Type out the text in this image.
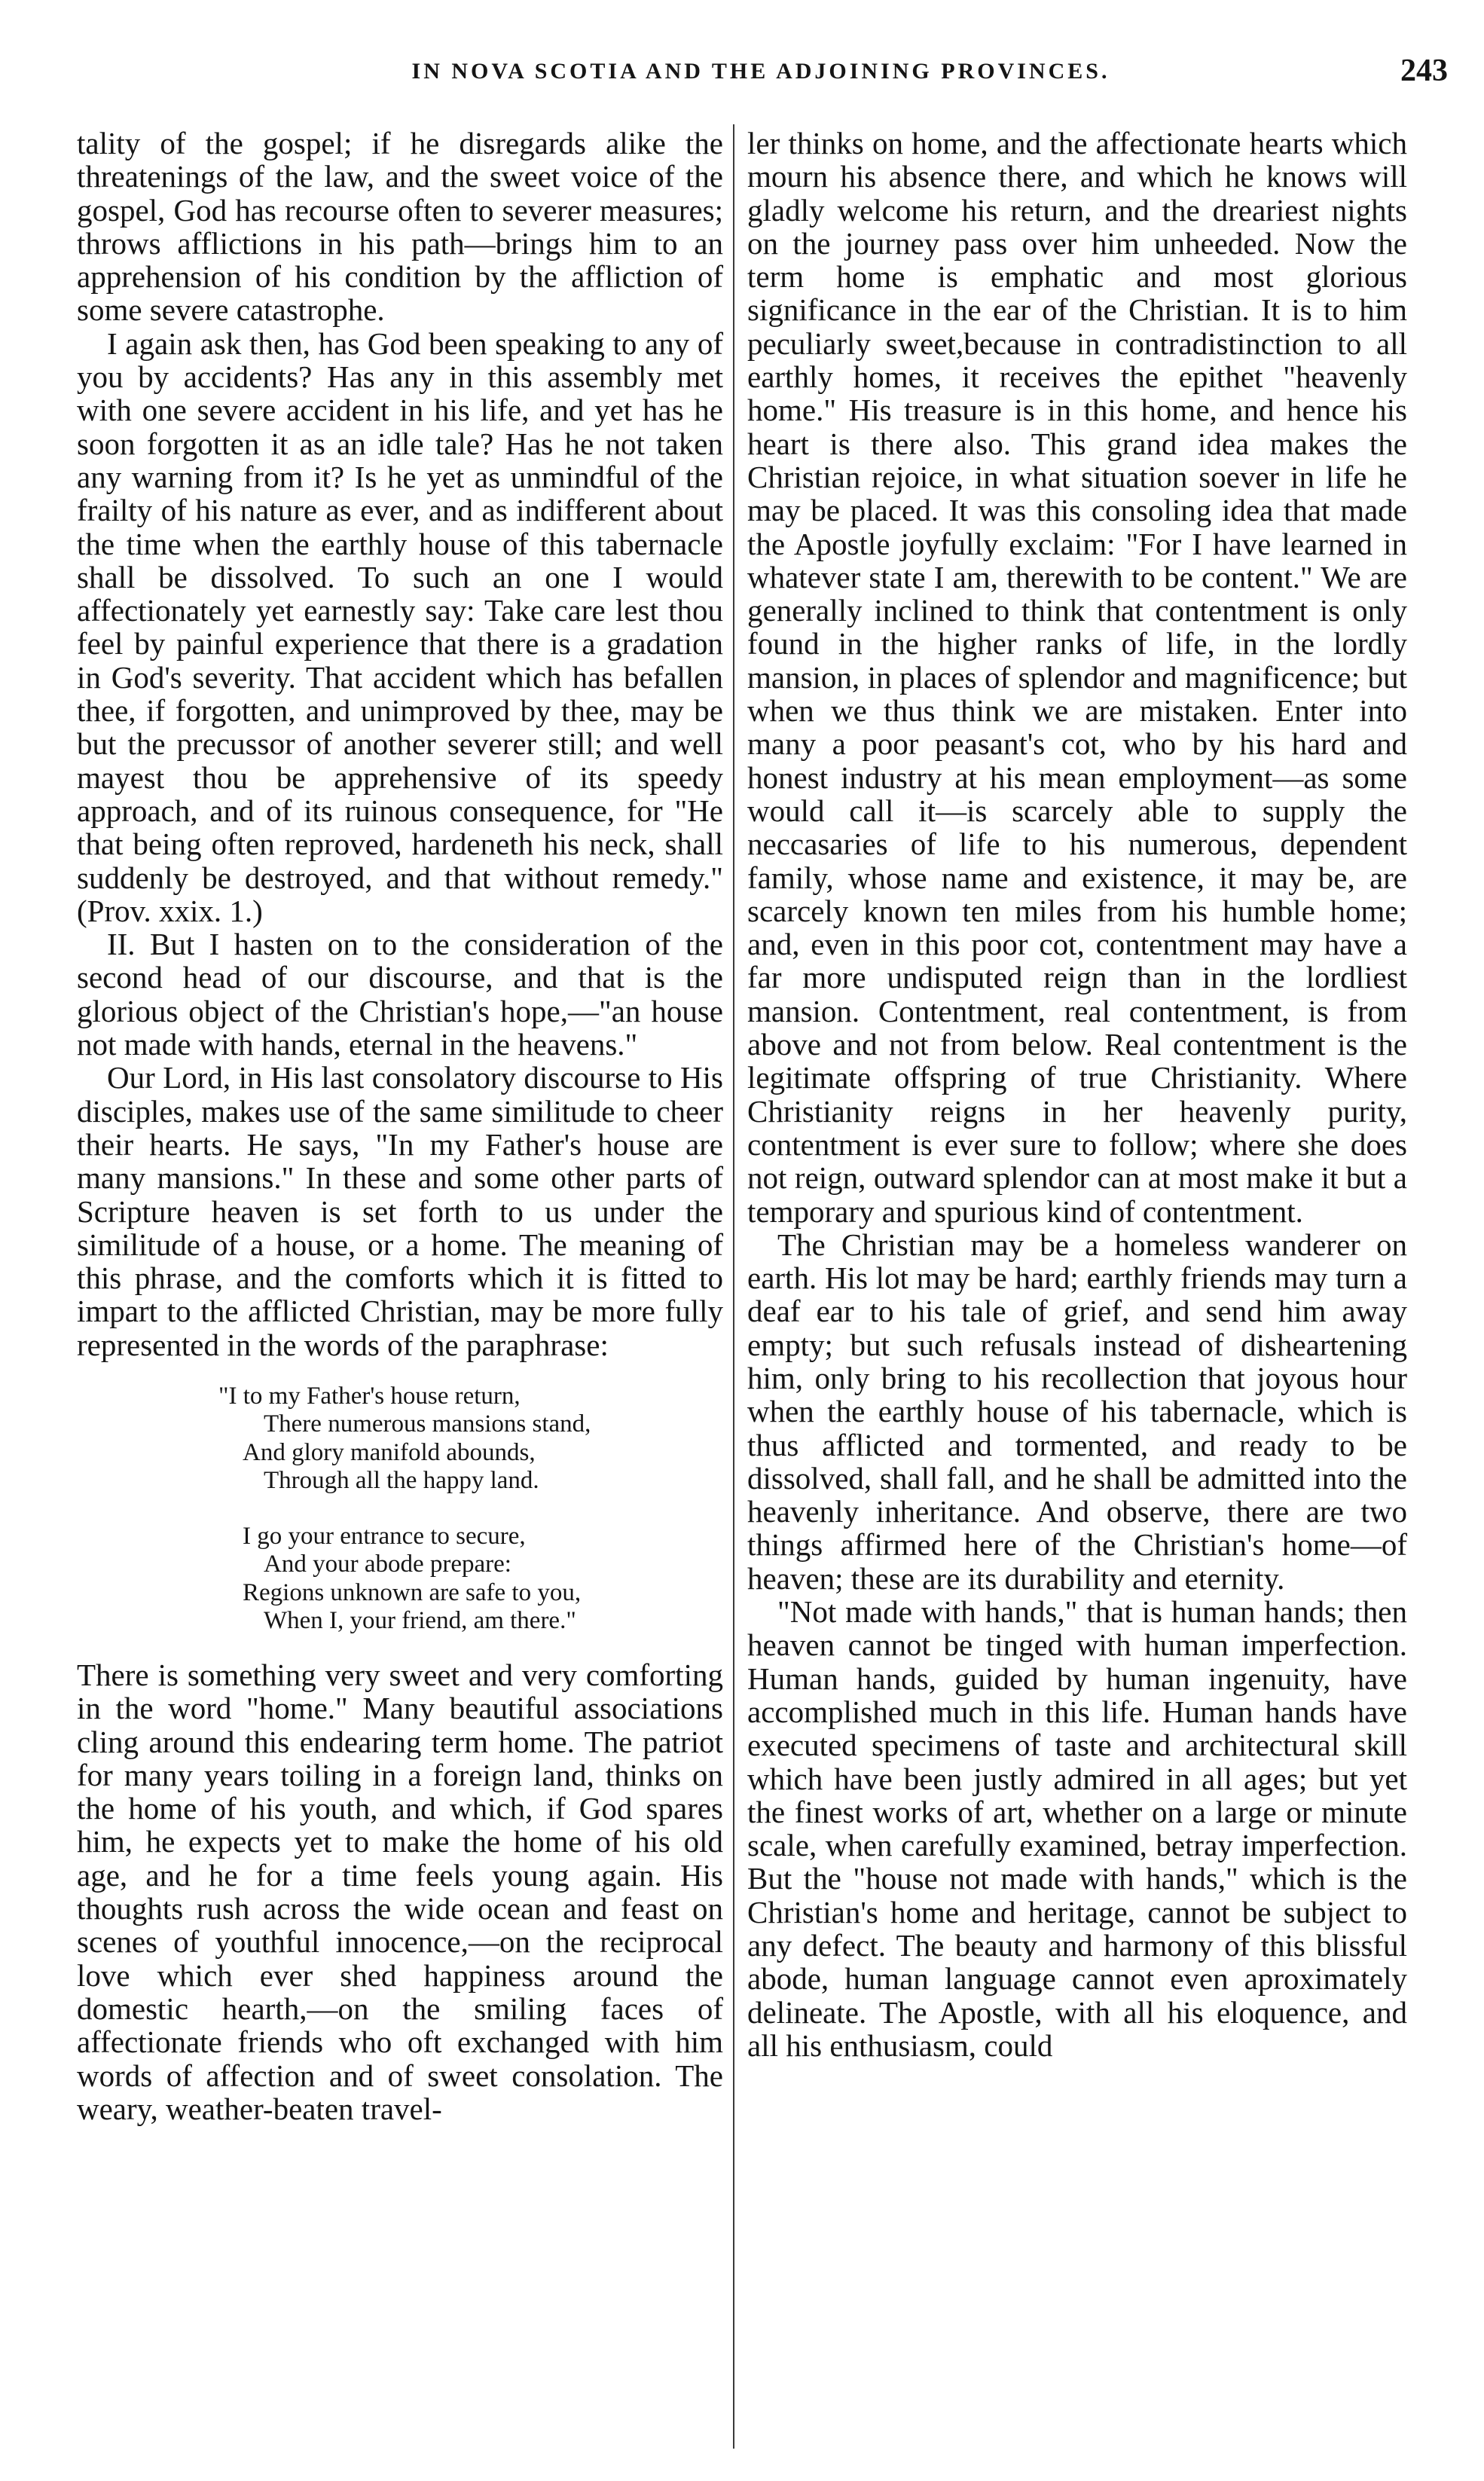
IN NOVA SCOTIA AND THE ADJOINING PROVINCES.	243

tality of the gospel; if he disregards alike the threatenings of the law, and the sweet voice of the gospel, God has recourse often to severer measures; throws afflictions in his path—brings him to an apprehension of his condition by the affliction of some severe catastrophe.

I again ask then, has God been speaking to any of you by accidents? Has any in this assembly met with one severe accident in his life, and yet has he soon forgotten it as an idle tale? Has he not taken any warning from it? Is he yet as unmindful of the frailty of his nature as ever, and as indifferent about the time when the earthly house of this tabernacle shall be dissolved. To such an one I would affectionately yet earnestly say: Take care lest thou feel by painful experience that there is a gradation in God's severity. That accident which has befallen thee, if forgotten, and unimproved by thee, may be but the precussor of another severer still; and well mayest thou be apprehensive of its speedy approach, and of its ruinous consequence, for "He that being often reproved, hardeneth his neck, shall suddenly be destroyed, and that without remedy." (Prov. xxix. 1.)

II. But I hasten on to the consideration of the second head of our discourse, and that is the glorious object of the Christian's hope,—"an house not made with hands, eternal in the heavens."

Our Lord, in His last consolatory discourse to His disciples, makes use of the same similitude to cheer their hearts. He says, "In my Father's house are many mansions." In these and some other parts of Scripture heaven is set forth to us under the similitude of a house, or a home. The meaning of this phrase, and the comforts which it is fitted to impart to the afflicted Christian, may be more fully represented in the words of the paraphrase:

"I to my Father's house return,
There numerous mansions stand,
And glory manifold abounds,
Through all the happy land.
I go your entrance to secure,
And your abode prepare:
Regions unknown are safe to you,
When I, your friend, am there."

There is something very sweet and very comforting in the word "home." Many beautiful associations cling around this endearing term home. The patriot for many years toiling in a foreign land, thinks on the home of his youth, and which, if God spares him, he expects yet to make the home of his old age, and he for a time feels young again. His thoughts rush across the wide ocean and feast on scenes of youthful innocence,—on the reciprocal love which ever shed happiness around the domestic hearth,—on the smiling faces of affectionate friends who oft exchanged with him words of affection and of sweet consolation. The weary, weather-beaten travel-

ler thinks on home, and the affectionate hearts which mourn his absence there, and which he knows will gladly welcome his return, and the dreariest nights on the journey pass over him unheeded. Now the term home is emphatic and most glorious significance in the ear of the Christian. It is to him peculiarly sweet,because in contradistinction to all earthly homes, it receives the epithet "heavenly home." His treasure is in this home, and hence his heart is there also. This grand idea makes the Christian rejoice, in what situation soever in life he may be placed. It was this consoling idea that made the Apostle joyfully exclaim: "For I have learned in whatever state I am, therewith to be content." We are generally inclined to think that contentment is only found in the higher ranks of life, in the lordly mansion, in places of splendor and magnificence; but when we thus think we are mistaken. Enter into many a poor peasant's cot, who by his hard and honest industry at his mean employment—as some would call it—is scarcely able to supply the neccasaries of life to his numerous, dependent family, whose name and existence, it may be, are scarcely known ten miles from his humble home; and, even in this poor cot, contentment may have a far more undisputed reign than in the lordliest mansion. Contentment, real contentment, is from above and not from below. Real contentment is the legitimate offspring of true Christianity. Where Christianity reigns in her heavenly purity, contentment is ever sure to follow; where she does not reign, outward splendor can at most make it but a temporary and spurious kind of contentment.

The Christian may be a homeless wanderer on earth. His lot may be hard; earthly friends may turn a deaf ear to his tale of grief, and send him away empty; but such refusals instead of disheartening him, only bring to his recollection that joyous hour when the earthly house of his tabernacle, which is thus afflicted and tormented, and ready to be dissolved, shall fall, and he shall be admitted into the heavenly inheritance. And observe, there are two things affirmed here of the Christian's home—of heaven; these are its durability and eternity.

"Not made with hands," that is human hands; then heaven cannot be tinged with human imperfection. Human hands, guided by human ingenuity, have accomplished much in this life. Human hands have executed specimens of taste and architectural skill which have been justly admired in all ages; but yet the finest works of art, whether on a large or minute scale, when carefully examined, betray imperfection. But the "house not made with hands," which is the Christian's home and heritage, cannot be subject to any defect. The beauty and harmony of this blissful abode, human language cannot even aproximately delineate. The Apostle, with all his eloquence, and all his enthusiasm, could
